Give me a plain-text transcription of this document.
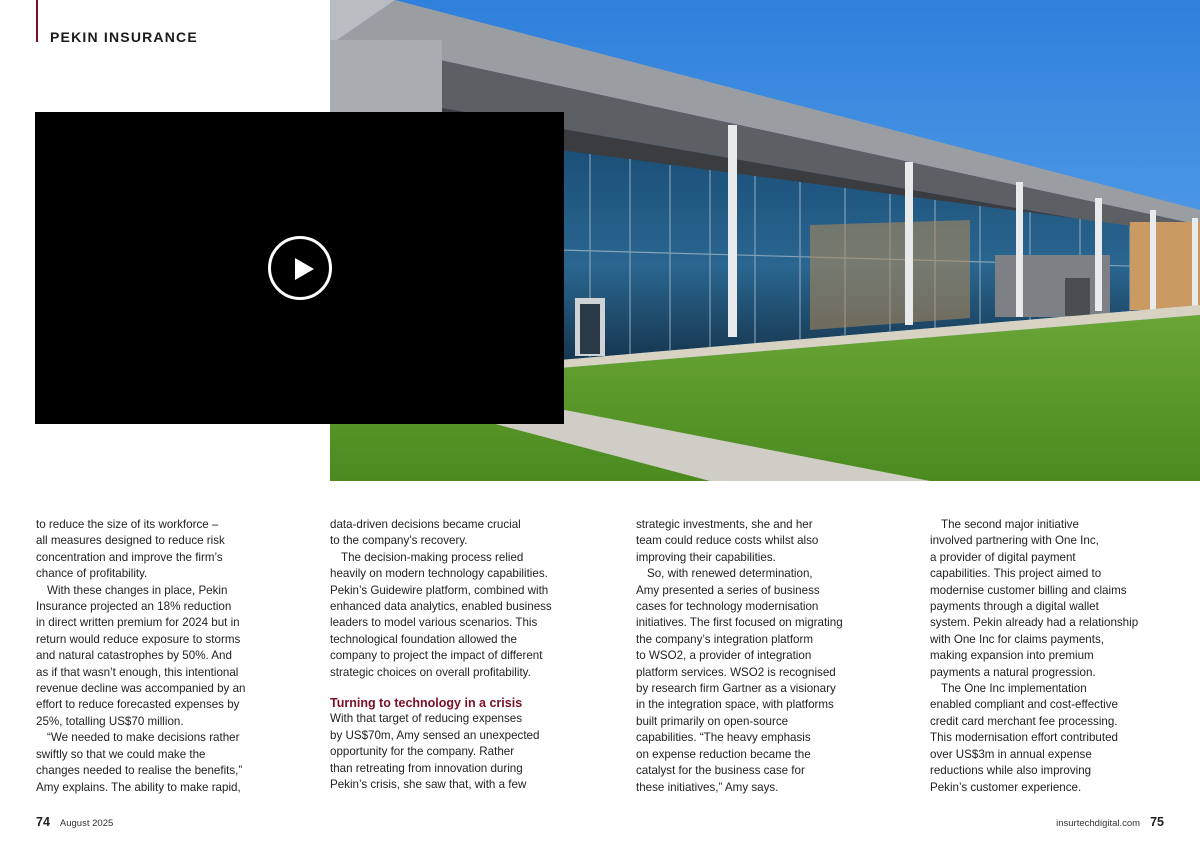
PEKIN INSURANCE

to reduce the size of its workforce –
all measures designed to reduce risk
concentration and improve the firm’s
chance of profitability.

With these changes in place, Pekin
Insurance projected an 18% reduction
in direct written premium for 2024 but in
return would reduce exposure to storms
and natural catastrophes by 50%. And
as if that wasn’t enough, this intentional
revenue decline was accompanied by an
effort to reduce forecasted expenses by
25%, totalling US$70 million.

“We needed to make decisions rather
swiftly so that we could make the
changes needed to realise the benefits,”
Amy explains. The ability to make rapid,

data-driven decisions became crucial
to the company’s recovery.

The decision-making process relied
heavily on modern technology capabilities.
Pekin’s Guidewire platform, combined with
enhanced data analytics, enabled business
leaders to model various scenarios. This
technological foundation allowed the
company to project the impact of different
strategic choices on overall profitability.

Turning to technology in a crisis

With that target of reducing expenses
by US$70m, Amy sensed an unexpected
opportunity for the company. Rather
than retreating from innovation during
Pekin’s crisis, she saw that, with a few

strategic investments, she and her
team could reduce costs whilst also
improving their capabilities.

So, with renewed determination,
Amy presented a series of business
cases for technology modernisation
initiatives. The first focused on migrating
the company’s integration platform
to WSO2, a provider of integration
platform services. WSO2 is recognised
by research firm Gartner as a visionary
in the integration space, with platforms
built primarily on open-source
capabilities. “The heavy emphasis
on expense reduction became the
catalyst for the business case for
these initiatives,” Amy says.

The second major initiative
involved partnering with One Inc,
a provider of digital payment
capabilities. This project aimed to
modernise customer billing and claims
payments through a digital wallet
system. Pekin already had a relationship
with One Inc for claims payments,
making expansion into premium
payments a natural progression.

The One Inc implementation
enabled compliant and cost-effective
credit card merchant fee processing.
This modernisation effort contributed
over US$3m in annual expense
reductions while also improving
Pekin’s customer experience.

74 August 2025	insurtechdigital.com 75
